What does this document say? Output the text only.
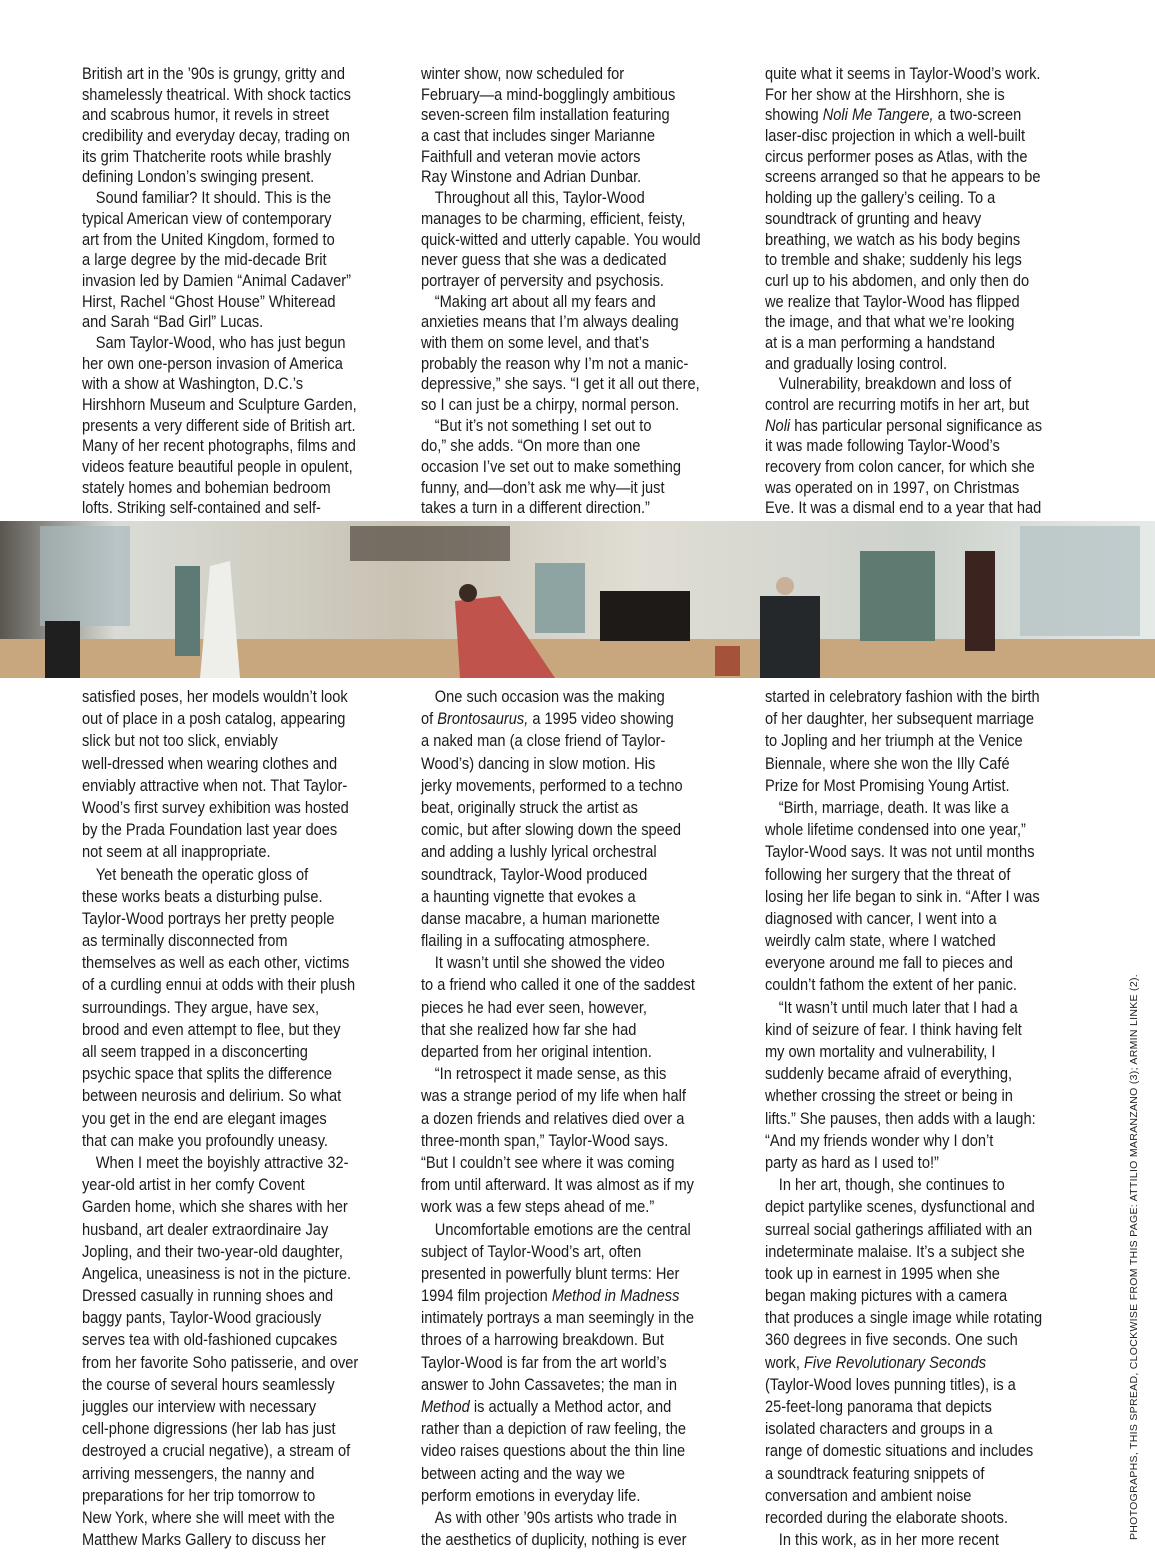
British art in the ’90s is grungy, gritty and
shamelessly theatrical. With shock tactics
and scabrous humor, it revels in street
credibility and everyday decay, trading on
its grim Thatcherite roots while brashly
defining London’s swinging present.
Sound familiar? It should. This is the
typical American view of contemporary
art from the United Kingdom, formed to
a large degree by the mid-decade Brit
invasion led by Damien “Animal Cadaver”
Hirst, Rachel “Ghost House” Whiteread
and Sarah “Bad Girl” Lucas.
Sam Taylor-Wood, who has just begun
her own one-person invasion of America
with a show at Washington, D.C.’s
Hirshhorn Museum and Sculpture Garden,
presents a very different side of British art.
Many of her recent photographs, films and
videos feature beautiful people in opulent,
stately homes and bohemian bedroom
lofts. Striking self-contained and self-
winter show, now scheduled for
February—a mind-bogglingly ambitious
seven-screen film installation featuring
a cast that includes singer Marianne
Faithfull and veteran movie actors
Ray Winstone and Adrian Dunbar.
Throughout all this, Taylor-Wood
manages to be charming, efficient, feisty,
quick-witted and utterly capable. You would
never guess that she was a dedicated
portrayer of perversity and psychosis.
“Making art about all my fears and
anxieties means that I’m always dealing
with them on some level, and that’s
probably the reason why I’m not a manic-
depressive,” she says. “I get it all out there,
so I can just be a chirpy, normal person.
“But it’s not something I set out to
do,” she adds. “On more than one
occasion I’ve set out to make something
funny, and—don’t ask me why—it just
takes a turn in a different direction.”
quite what it seems in Taylor-Wood’s work.
For her show at the Hirshhorn, she is
showing Noli Me Tangere, a two-screen
laser-disc projection in which a well-built
circus performer poses as Atlas, with the
screens arranged so that he appears to be
holding up the gallery’s ceiling. To a
soundtrack of grunting and heavy
breathing, we watch as his body begins
to tremble and shake; suddenly his legs
curl up to his abdomen, and only then do
we realize that Taylor-Wood has flipped
the image, and that what we’re looking
at is a man performing a handstand
and gradually losing control.
Vulnerability, breakdown and loss of
control are recurring motifs in her art, but
Noli has particular personal significance as
it was made following Taylor-Wood’s
recovery from colon cancer, for which she
was operated on in 1997, on Christmas
Eve. It was a dismal end to a year that had
satisfied poses, her models wouldn’t look
out of place in a posh catalog, appearing
slick but not too slick, enviably
well-dressed when wearing clothes and
enviably attractive when not. That Taylor-
Wood’s first survey exhibition was hosted
by the Prada Foundation last year does
not seem at all inappropriate.
Yet beneath the operatic gloss of
these works beats a disturbing pulse.
Taylor-Wood portrays her pretty people
as terminally disconnected from
themselves as well as each other, victims
of a curdling ennui at odds with their plush
surroundings. They argue, have sex,
brood and even attempt to flee, but they
all seem trapped in a disconcerting
psychic space that splits the difference
between neurosis and delirium. So what
you get in the end are elegant images
that can make you profoundly uneasy.
When I meet the boyishly attractive 32-
year-old artist in her comfy Covent
Garden home, which she shares with her
husband, art dealer extraordinaire Jay
Jopling, and their two-year-old daughter,
Angelica, uneasiness is not in the picture.
Dressed casually in running shoes and
baggy pants, Taylor-Wood graciously
serves tea with old-fashioned cupcakes
from her favorite Soho patisserie, and over
the course of several hours seamlessly
juggles our interview with necessary
cell-phone digressions (her lab has just
destroyed a crucial negative), a stream of
arriving messengers, the nanny and
preparations for her trip tomorrow to
New York, where she will meet with the
Matthew Marks Gallery to discuss her
One such occasion was the making
of Brontosaurus, a 1995 video showing
a naked man (a close friend of Taylor-
Wood’s) dancing in slow motion. His
jerky movements, performed to a techno
beat, originally struck the artist as
comic, but after slowing down the speed
and adding a lushly lyrical orchestral
soundtrack, Taylor-Wood produced
a haunting vignette that evokes a
danse macabre, a human marionette
flailing in a suffocating atmosphere.
It wasn’t until she showed the video
to a friend who called it one of the saddest
pieces he had ever seen, however,
that she realized how far she had
departed from her original intention.
“In retrospect it made sense, as this
was a strange period of my life when half
a dozen friends and relatives died over a
three-month span,” Taylor-Wood says.
“But I couldn’t see where it was coming
from until afterward. It was almost as if my
work was a few steps ahead of me.”
Uncomfortable emotions are the central
subject of Taylor-Wood’s art, often
presented in powerfully blunt terms: Her
1994 film projection Method in Madness
intimately portrays a man seemingly in the
throes of a harrowing breakdown. But
Taylor-Wood is far from the art world’s
answer to John Cassavetes; the man in
Method is actually a Method actor, and
rather than a depiction of raw feeling, the
video raises questions about the thin line
between acting and the way we
perform emotions in everyday life.
As with other ’90s artists who trade in
the aesthetics of duplicity, nothing is ever
started in celebratory fashion with the birth
of her daughter, her subsequent marriage
to Jopling and her triumph at the Venice
Biennale, where she won the Illy Café
Prize for Most Promising Young Artist.
“Birth, marriage, death. It was like a
whole lifetime condensed into one year,”
Taylor-Wood says. It was not until months
following her surgery that the threat of
losing her life began to sink in. “After I was
diagnosed with cancer, I went into a
weirdly calm state, where I watched
everyone around me fall to pieces and
couldn’t fathom the extent of her panic.
“It wasn’t until much later that I had a
kind of seizure of fear. I think having felt
my own mortality and vulnerability, I
suddenly became afraid of everything,
whether crossing the street or being in
lifts.” She pauses, then adds with a laugh:
“And my friends wonder why I don’t
party as hard as I used to!”
In her art, though, she continues to
depict partylike scenes, dysfunctional and
surreal social gatherings affiliated with an
indeterminate malaise. It’s a subject she
took up in earnest in 1995 when she
began making pictures with a camera
that produces a single image while rotating
360 degrees in five seconds. One such
work, Five Revolutionary Seconds
(Taylor-Wood loves punning titles), is a
25-feet-long panorama that depicts
isolated characters and groups in a
range of domestic situations and includes
a soundtrack featuring snippets of
conversation and ambient noise
recorded during the elaborate shoots.
In this work, as in her more recent	PHOTOGRAPHS, THIS SPREAD, CLOCKWISE FROM THIS PAGE: ATTILIO MARANZANO (3); ARMIN LINKE (2).
